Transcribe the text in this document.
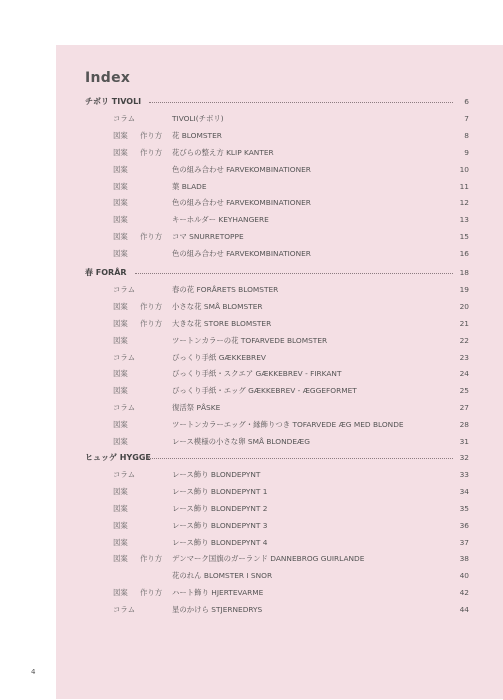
Index
チボリ TIVOLI	6
コラム	TIVOLI(チボリ)	7
図案 作り方 花 BLOMSTER	8
図案 作り方 花びらの整え方 KLIP KANTER	9
図案	色の組み合わせ FARVEKOMBINATIONER	10
図案	葉 BLADE	11
図案	色の組み合わせ FARVEKOMBINATIONER	12
図案	キーホルダー KEYHANGERE	13
図案 作り方 コマ SNURRETOPPE	15
図案	色の組み合わせ FARVEKOMBINATIONER	16
春 FORÅR	18
コラム	春の花 FORÅRETS BLOMSTER	19
図案 作り方 小さな花 SMÅ BLOMSTER	20
図案 作り方 大きな花 STORE BLOMSTER	21
図案	ツートンカラーの花 TOFARVEDE BLOMSTER	22
コラム	びっくり手紙 GÆKKEBREV	23
図案	びっくり手紙・スクエア GÆKKEBREV - FIRKANT	24
図案	びっくり手紙・エッグ GÆKKEBREV - ÆGGEFORMET	25
コラム	復活祭 PÅSKE	27
図案	ツートンカラーエッグ・縁飾りつき TOFARVEDE ÆG MED BLONDE	28
図案	レース模様の小さな卵 SMÅ BLONDEÆG	31
ヒュッゲ HYGGE	32
コラム	レース飾り BLONDEPYNT	33
図案	レース飾り BLONDEPYNT 1	34
図案	レース飾り BLONDEPYNT 2	35
図案	レース飾り BLONDEPYNT 3	36
図案	レース飾り BLONDEPYNT 4	37
図案 作り方 デンマーク国旗のガーランド DANNEBROG GUIRLANDE	38
花のれん BLOMSTER I SNOR	40
図案 作り方 ハート飾り HJERTEVARME	42
コラム	星のかけら STJERNEDRYS	44
4
